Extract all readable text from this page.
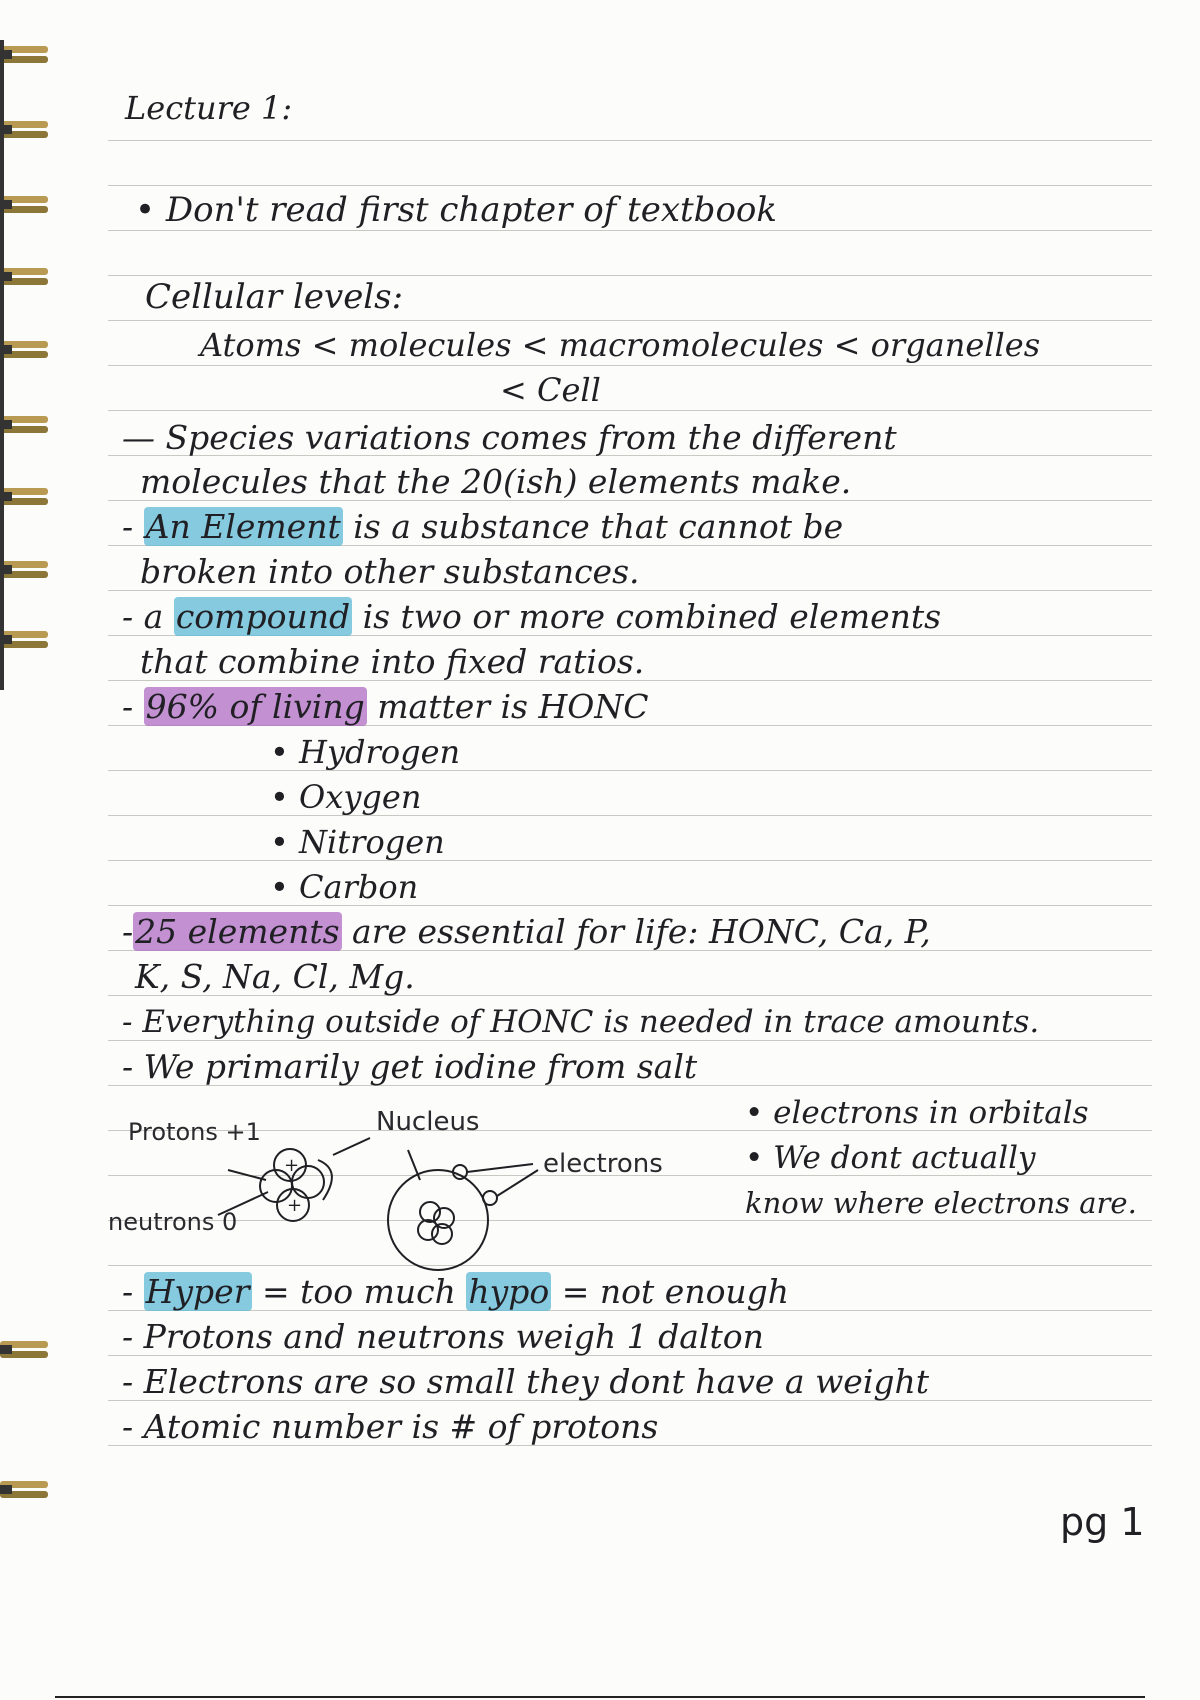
Lecture 1:
• Don't read first chapter of textbook
Cellular levels:
Atoms < molecules < macromolecules < organelles
< Cell
— Species variations comes from the different
molecules that the 20(ish) elements make.
- An Element is a substance that cannot be
broken into other substances.
- a compound is two or more combined elements
that combine into fixed ratios.
- 96% of living matter is HONC
• Hydrogen
• Oxygen
• Nitrogen
• Carbon
-25 elements are essential for life: HONC, Ca, P,
K, S, Na, Cl, Mg.
- Everything outside of HONC is needed in trace amounts.
- We primarily get iodine from salt
Protons +1
neutrons 0
Nucleus
electrons
+
+
• electrons in orbitals
• We dont actually
know where electrons are.
- Hyper = too much hypo = not enough
- Protons and neutrons weigh 1 dalton
- Electrons are so small they dont have a weight
- Atomic number is # of protons
pg 1
